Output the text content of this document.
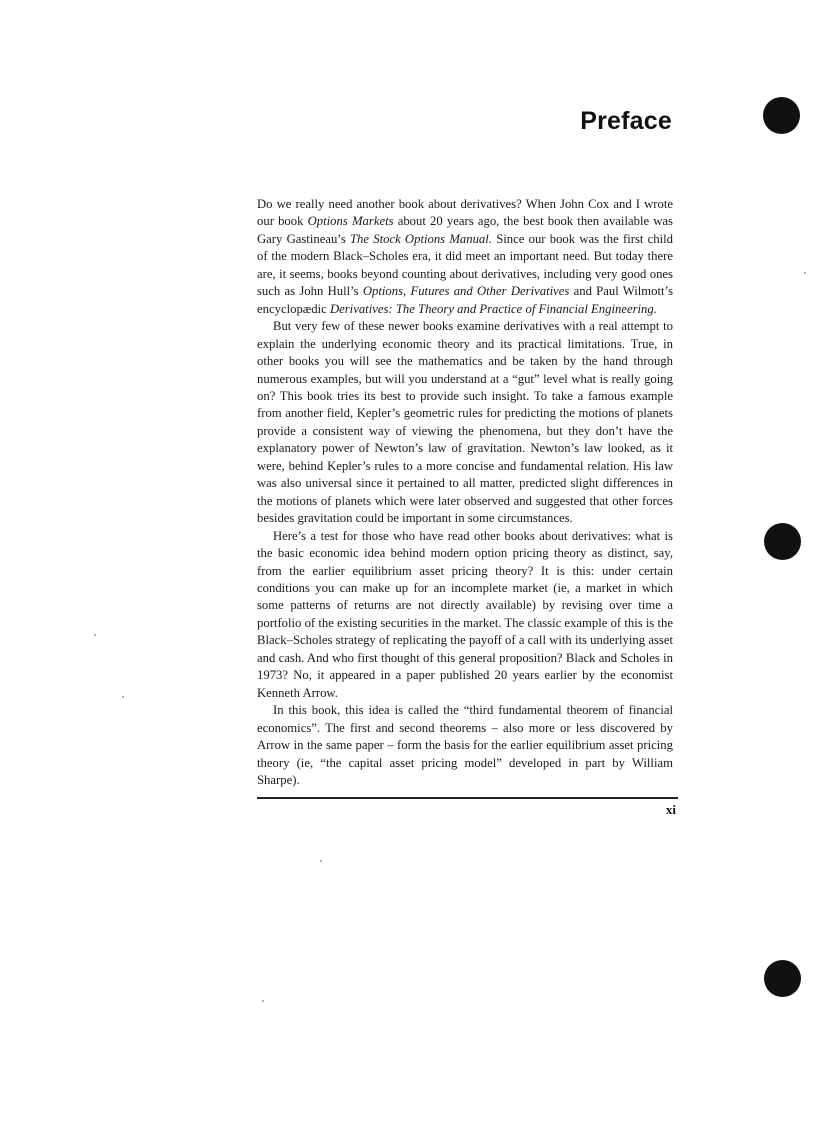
Preface

Do we really need another book about derivatives? When John Cox and I wrote our book Options Markets about 20 years ago, the best book then available was Gary Gastineau’s The Stock Options Manual. Since our book was the first child of the modern Black–Scholes era, it did meet an important need. But today there are, it seems, books beyond counting about derivatives, including very good ones such as John Hull’s Options, Futures and Other Derivatives and Paul Wilmott’s encyclopædic Derivatives: The Theory and Practice of Financial Engineering.

But very few of these newer books examine derivatives with a real attempt to explain the underlying economic theory and its practical limitations. True, in other books you will see the mathematics and be taken by the hand through numerous examples, but will you understand at a “gut” level what is really going on? This book tries its best to provide such insight. To take a famous example from another field, Kepler’s geometric rules for predicting the motions of planets provide a consistent way of viewing the phenomena, but they don’t have the explanatory power of Newton’s law of gravitation. Newton’s law looked, as it were, behind Kepler’s rules to a more concise and fundamental relation. His law was also universal since it pertained to all matter, predicted slight differences in the motions of planets which were later observed and suggested that other forces besides gravitation could be important in some circumstances.

Here’s a test for those who have read other books about derivatives: what is the basic economic idea behind modern option pricing theory as distinct, say, from the earlier equilibrium asset pricing theory? It is this: under certain conditions you can make up for an incomplete market (ie, a market in which some patterns of returns are not directly available) by revising over time a portfolio of the existing securities in the market. The classic example of this is the Black–Scholes strategy of replicating the payoff of a call with its underlying asset and cash. And who first thought of this general proposition? Black and Scholes in 1973? No, it appeared in a paper published 20 years earlier by the economist Kenneth Arrow.

In this book, this idea is called the “third fundamental theorem of financial economics”. The first and second theorems – also more or less discovered by Arrow in the same paper – form the basis for the earlier equilibrium asset pricing theory (ie, “the capital asset pricing model” developed in part by William Sharpe).

xi
